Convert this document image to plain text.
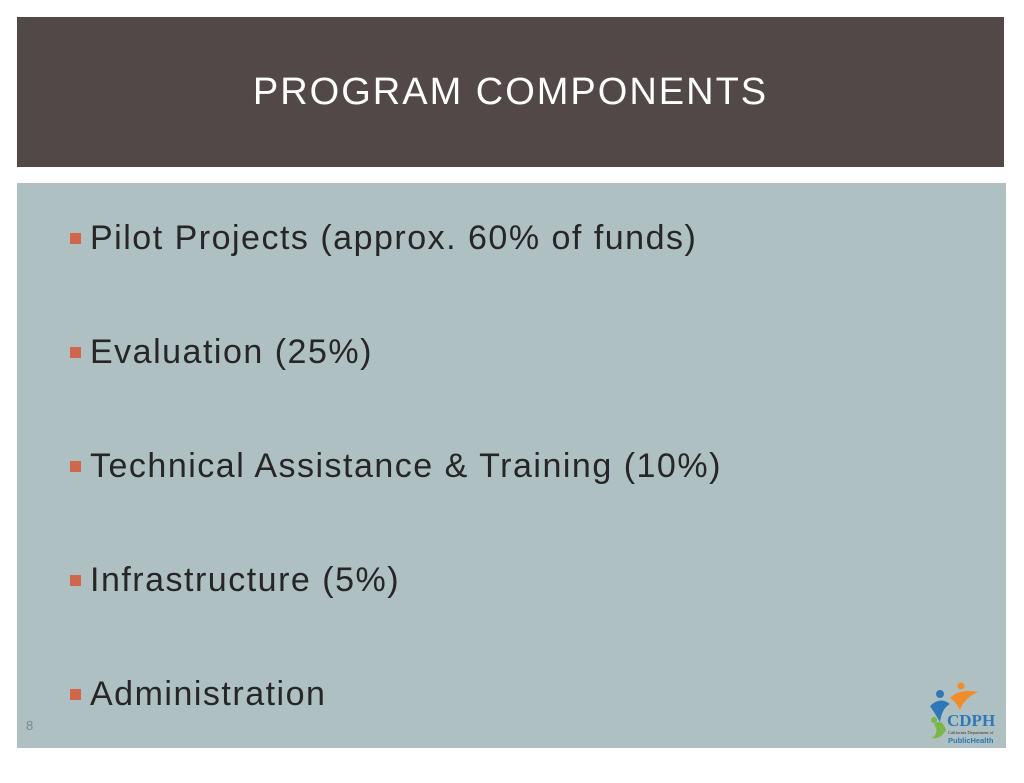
PROGRAM COMPONENTS
Pilot Projects (approx. 60% of funds)
Evaluation (25%)
Technical Assistance & Training (10%)
Infrastructure (5%)
Administration
8	CDPH
California Department of
PublicHealth
